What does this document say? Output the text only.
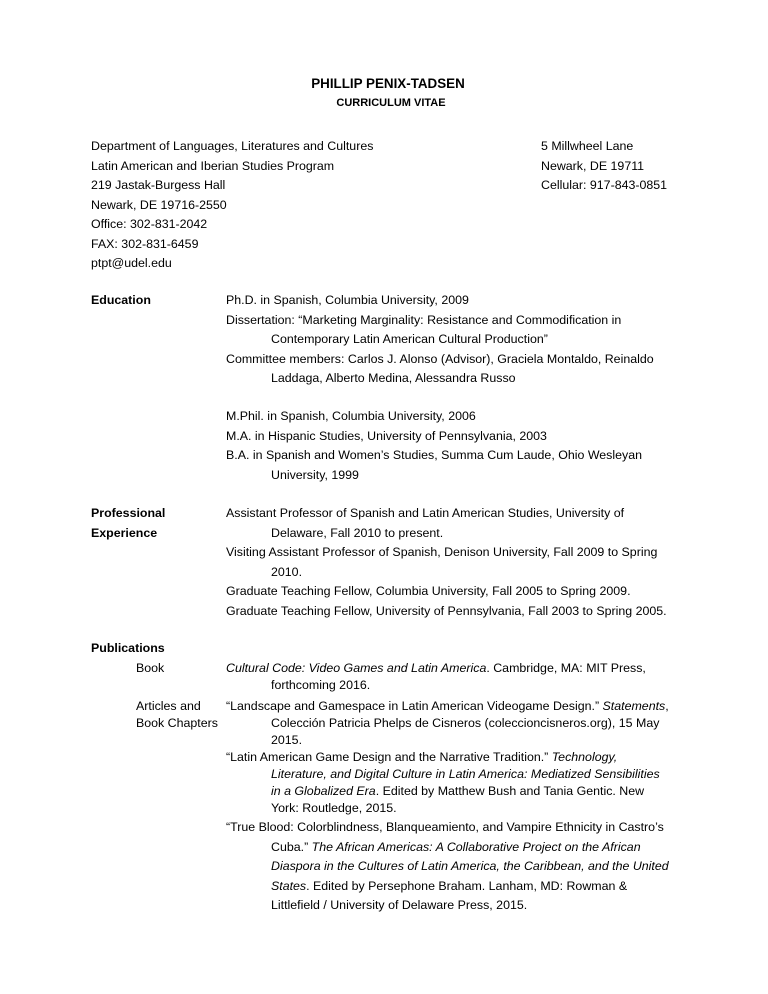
PHILLIP PENIX-TADSEN
CURRICULUM VITAE
Department of Languages, Literatures and Cultures
Latin American and Iberian Studies Program
219 Jastak-Burgess Hall
Newark, DE 19716-2550
Office: 302-831-2042
FAX: 302-831-6459
ptpt@udel.edu
5 Millwheel Lane
Newark, DE 19711
Cellular: 917-843-0851
Education	Ph.D. in Spanish, Columbia University, 2009
Dissertation: “Marketing Marginality: Resistance and Commodification in
Contemporary Latin American Cultural Production”
Committee members: Carlos J. Alonso (Advisor), Graciela Montaldo, Reinaldo
Laddaga, Alberto Medina, Alessandra Russo
M.Phil. in Spanish, Columbia University, 2006
M.A. in Hispanic Studies, University of Pennsylvania, 2003
B.A. in Spanish and Women’s Studies, Summa Cum Laude, Ohio Wesleyan
University, 1999
Professional
Experience
Assistant Professor of Spanish and Latin American Studies, University of
Delaware, Fall 2010 to present.
Visiting Assistant Professor of Spanish, Denison University, Fall 2009 to Spring
2010.
Graduate Teaching Fellow, Columbia University, Fall 2005 to Spring 2009.
Graduate Teaching Fellow, University of Pennsylvania, Fall 2003 to Spring 2005.
Publications
Book	Cultural Code: Video Games and Latin America. Cambridge, MA: MIT Press,
forthcoming 2016.
Articles and
Book Chapters
“Landscape and Gamespace in Latin American Videogame Design.” Statements,
Colección Patricia Phelps de Cisneros (coleccioncisneros.org), 15 May
2015.
“Latin American Game Design and the Narrative Tradition.” Technology,
Literature, and Digital Culture in Latin America: Mediatized Sensibilities
in a Globalized Era. Edited by Matthew Bush and Tania Gentic. New
York: Routledge, 2015.
“True Blood: Colorblindness, Blanqueamiento, and Vampire Ethnicity in Castro’s
Cuba.” The African Americas: A Collaborative Project on the African
Diaspora in the Cultures of Latin America, the Caribbean, and the United
States. Edited by Persephone Braham. Lanham, MD: Rowman &
Littlefield / University of Delaware Press, 2015.
